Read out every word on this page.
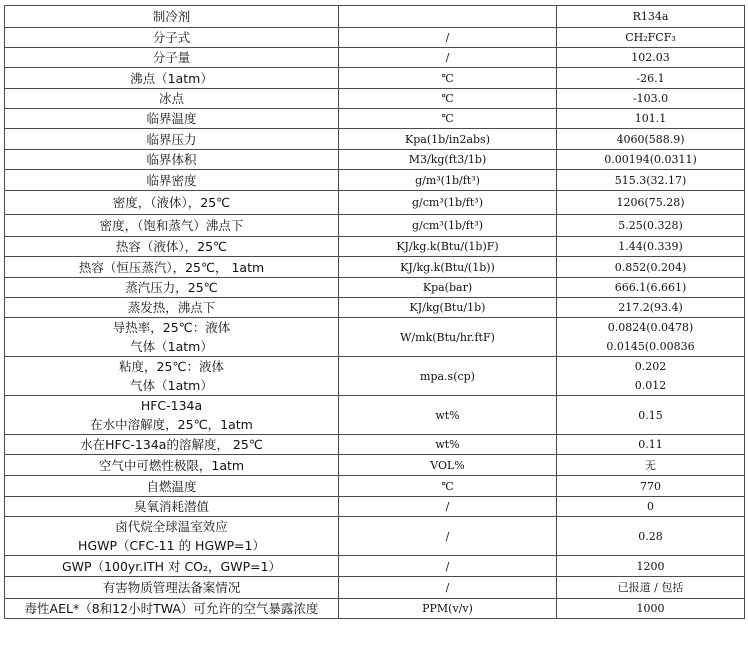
制冷剂		R134a

分子式	/	CH₂FCF₃

分子量	/	102.03

沸点（1atm）	℃	-26.1

冰点	℃	-103.0

临界温度	℃	101.1

临界压力	Kpa(1b/in2abs)	4060(588.9)

临界体积	M3/kg(ft3/1b)	0.00194(0.0311)

临界密度	g/m³(1b/ft³)	515.3(32.17)

密度，（液体），25℃	g/cm³(1b/ft³)	1206(75.28)

密度，（饱和蒸气）沸点下	g/cm³(1b/ft³)	5.25(0.328)

热容（液体），25℃	KJ/kg.k(Btu/(1b)F)	1.44(0.339)

热容（恒压蒸汽），25℃， 1atm	KJ/kg.k(Btu/(1b))	0.852(0.204)

蒸汽压力，25℃	Kpa(bar)	666.1(6.661)

蒸发热，沸点下	KJ/kg(Btu/1b)	217.2(93.4)

导热率，25℃：液体
气体（1atm）	W/mk(Btu/hr.ftF)	0.0824(0.0478)
0.0145(0.00836

粘度，25℃：液体
气体（1atm）	mpa.s(cp)	0.202
0.012

HFC-134a
在水中溶解度，25℃，1atm	wt%	0.15

水在HFC-134a的溶解度， 25℃	wt%	0.11

空气中可燃性极限，1atm	VOL%	无

自燃温度	℃	770

臭氧消耗潜值	/	0

卤代烷全球温室效应
HGWP（CFC-11 的 HGWP=1）	/	0.28

GWP（100yr.ITH 对 CO₂，GWP=1）	/	1200

有害物质管理法备案情况	/	已报道 / 包括

毒性AEL*（8和12小时TWA）可允许的空气暴露浓度	PPM(v/v)	1000
